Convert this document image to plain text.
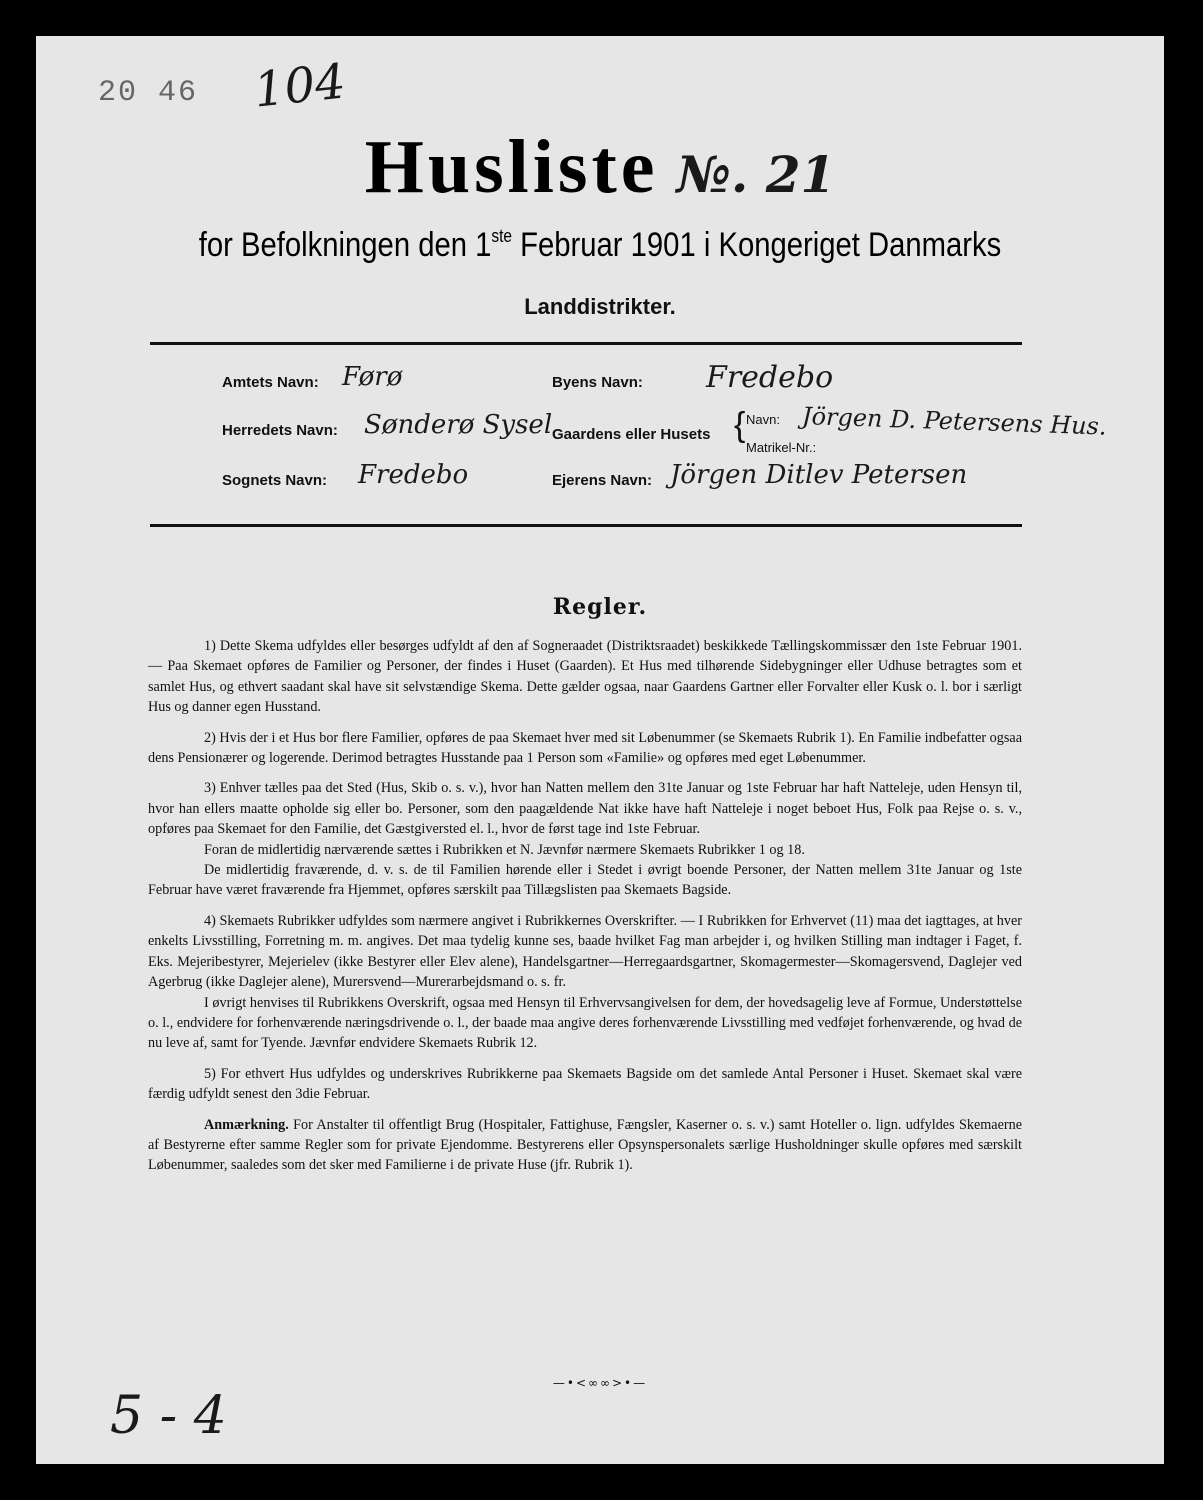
20 46 104
Husliste №. 21
for Befolkningen den 1ste Februar 1901 i Kongeriget Danmarks
Landdistrikter.
Amtets Navn: Førø
Herredets Navn: Sønderø Sysel
Sognets Navn: Fredebo
Byens Navn: Fredebo
Gaardens eller Husets { Navn: Jörgen D. Petersens Hus.
Matrikel-Nr.:
Ejerens Navn: Jörgen Ditlev Petersen
Regler.

1) Dette Skema udfyldes eller besørges udfyldt af den af Sogneraadet (Distriktsraadet) beskikkede Tællingskommissær den 1ste Februar 1901. — Paa Skemaet opføres de Familier og Personer, der findes i Huset (Gaarden). Et Hus med tilhørende Sidebygninger eller Udhuse betragtes som et samlet Hus, og ethvert saadant skal have sit selvstændige Skema. Dette gælder ogsaa, naar Gaardens Gartner eller Forvalter eller Kusk o. l. bor i særligt Hus og danner egen Husstand.

2) Hvis der i et Hus bor flere Familier, opføres de paa Skemaet hver med sit Løbenummer (se Skemaets Rubrik 1). En Familie indbefatter ogsaa dens Pensionærer og logerende. Derimod betragtes Husstande paa 1 Person som «Familie» og opføres med eget Løbenummer.

3) Enhver tælles paa det Sted (Hus, Skib o. s. v.), hvor han Natten mellem den 31te Januar og 1ste Februar har haft Natteleje, uden Hensyn til, hvor han ellers maatte opholde sig eller bo. Personer, som den paagældende Nat ikke have haft Natteleje i noget beboet Hus, Folk paa Rejse o. s. v., opføres paa Skemaet for den Familie, det Gæstgiversted el. l., hvor de først tage ind 1ste Februar.

Foran de midlertidig nærværende sættes i Rubrikken et N. Jævnfør nærmere Skemaets Rubrikker 1 og 18.

De midlertidig fraværende, d. v. s. de til Familien hørende eller i Stedet i øvrigt boende Personer, der Natten mellem 31te Januar og 1ste Februar have været fraværende fra Hjemmet, opføres særskilt paa Tillægslisten paa Skemaets Bagside.

4) Skemaets Rubrikker udfyldes som nærmere angivet i Rubrikkernes Overskrifter. — I Rubrikken for Erhvervet (11) maa det iagttages, at hver enkelts Livsstilling, Forretning m. m. angives. Det maa tydelig kunne ses, baade hvilket Fag man arbejder i, og hvilken Stilling man indtager i Faget, f. Eks. Mejeribestyrer, Mejerielev (ikke Bestyrer eller Elev alene), Handelsgartner—Herregaardsgartner, Skomagermester—Skomagersvend, Daglejer ved Agerbrug (ikke Daglejer alene), Murersvend—Murerarbejdsmand o. s. fr.

I øvrigt henvises til Rubrikkens Overskrift, ogsaa med Hensyn til Erhvervsangivelsen for dem, der hovedsagelig leve af Formue, Understøttelse o. l., endvidere for forhenværende næringsdrivende o. l., der baade maa angive deres forhenværende Livsstilling med vedføjet forhenværende, og hvad de nu leve af, samt for Tyende. Jævnfør endvidere Skemaets Rubrik 12.

5) For ethvert Hus udfyldes og underskrives Rubrikkerne paa Skemaets Bagside om det samlede Antal Personer i Huset. Skemaet skal være færdig udfyldt senest den 3die Februar.

Anmærkning. For Anstalter til offentligt Brug (Hospitaler, Fattighuse, Fængsler, Kaserner o. s. v.) samt Hoteller o. lign. udfyldes Skemaerne af Bestyrerne efter samme Regler som for private Ejendomme. Bestyrerens eller Opsynspersonalets særlige Husholdninger skulle opføres med særskilt Løbenummer, saaledes som det sker med Familierne i de private Huse (jfr. Rubrik 1).

—•<∞∞>•—
5 - 4
